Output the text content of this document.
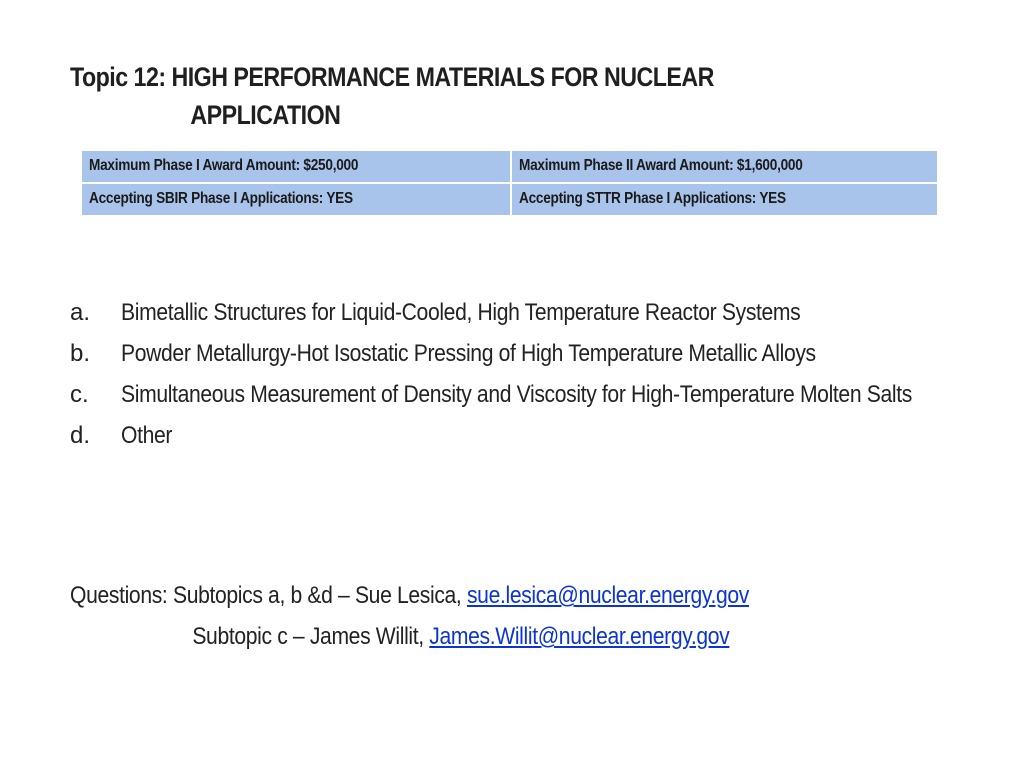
Topic 12: HIGH PERFORMANCE MATERIALS FOR NUCLEAR
APPLICATION
Maximum Phase I Award Amount: $250,000	Maximum Phase II Award Amount: $1,600,000
Accepting SBIR Phase I Applications: YES	Accepting STTR Phase I Applications: YES
a. Bimetallic Structures for Liquid-Cooled, High Temperature Reactor Systems
b. Powder Metallurgy-Hot Isostatic Pressing of High Temperature Metallic Alloys
c. Simultaneous Measurement of Density and Viscosity for High-Temperature Molten Salts
d. Other
Questions: Subtopics a, b &d – Sue Lesica, sue.lesica@nuclear.energy.gov
Subtopic c – James Willit, James.Willit@nuclear.energy.gov
